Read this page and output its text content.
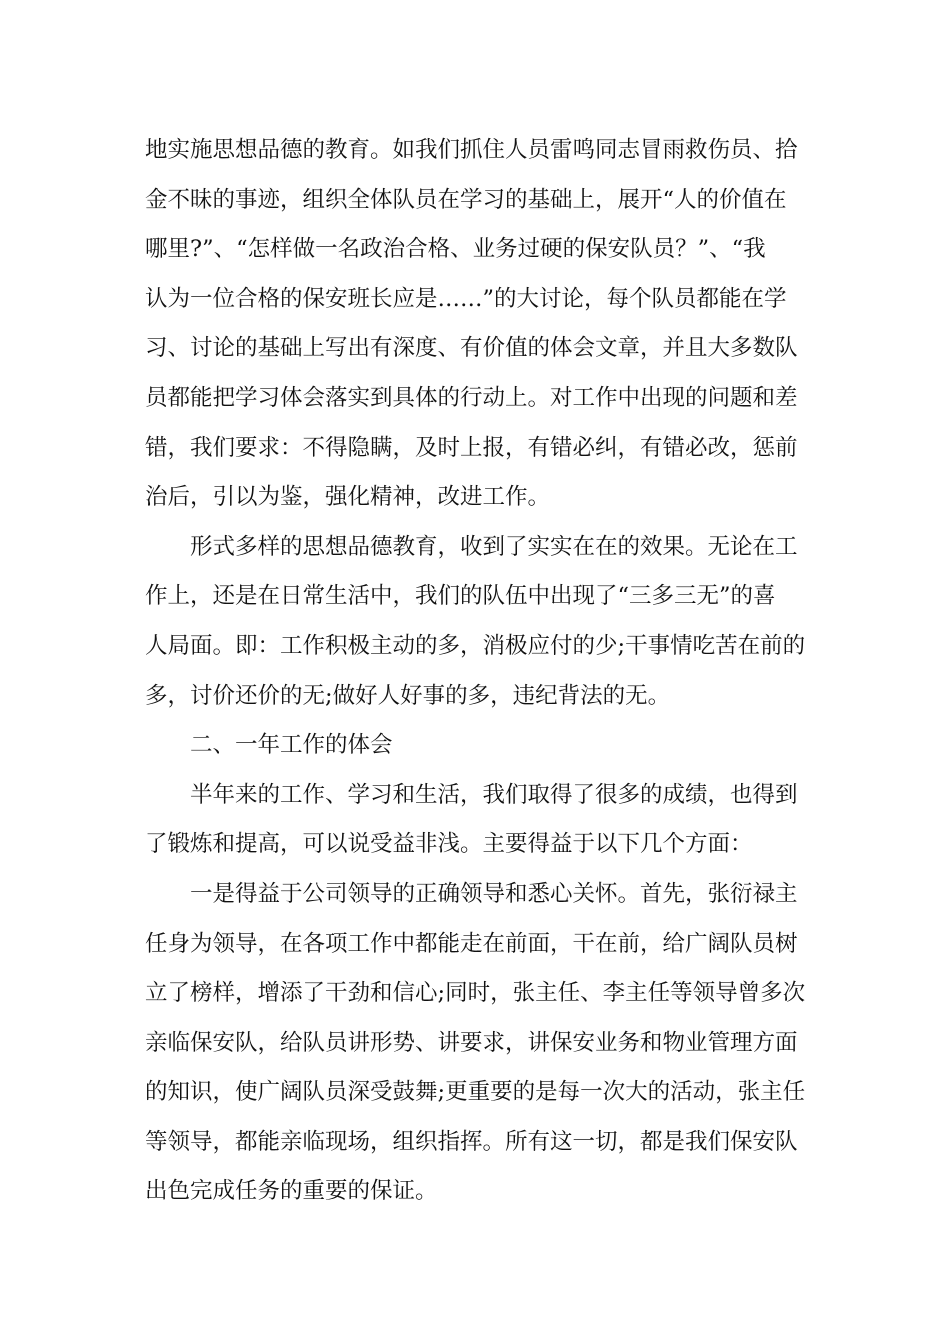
地实施思想品德的教育。如我们抓住人员雷鸣同志冒雨救伤员、拾
金不昧的事迹，组织全体队员在学习的基础上，展开“人的价值在
哪里?”、“怎样做一名政治合格、业务过硬的保安队员？”、“我
认为一位合格的保安班长应是……”的大讨论，每个队员都能在学
习、讨论的基础上写出有深度、有价值的体会文章，并且大多数队
员都能把学习体会落实到具体的行动上。对工作中出现的问题和差
错，我们要求：不得隐瞒，及时上报，有错必纠，有错必改，惩前
治后，引以为鉴，强化精神，改进工作。
形式多样的思想品德教育，收到了实实在在的效果。无论在工
作上，还是在日常生活中，我们的队伍中出现了“三多三无”的喜
人局面。即：工作积极主动的多，消极应付的少;干事情吃苦在前的
多，讨价还价的无;做好人好事的多，违纪背法的无。
二、一年工作的体会
半年来的工作、学习和生活，我们取得了很多的成绩，也得到
了锻炼和提高，可以说受益非浅。主要得益于以下几个方面：
一是得益于公司领导的正确领导和悉心关怀。首先，张衍禄主
任身为领导，在各项工作中都能走在前面，干在前，给广阔队员树
立了榜样，增添了干劲和信心;同时，张主任、李主任等领导曾多次
亲临保安队，给队员讲形势、讲要求，讲保安业务和物业管理方面
的知识，使广阔队员深受鼓舞;更重要的是每一次大的活动，张主任
等领导，都能亲临现场，组织指挥。所有这一切，都是我们保安队
出色完成任务的重要的保证。
